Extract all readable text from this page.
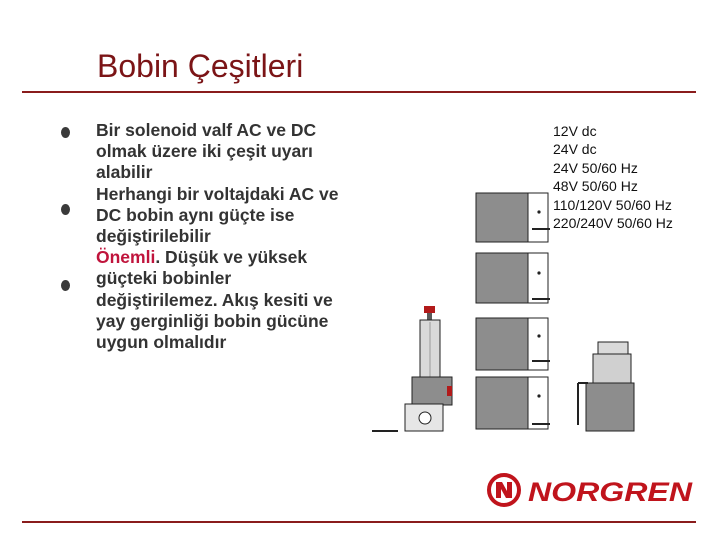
Bobin Çeşitleri

Bir solenoid valf AC ve DC olmak üzere iki çeşit uyarı alabilir

Herhangi bir voltajdaki AC ve DC bobin aynı güçte ise değiştirilebilir

Önemli. Düşük ve yüksek güçteki bobinler değiştirilemez. Akış kesiti ve yay gerginliği bobin gücüne uygun olmalıdır

12V dc
24V dc
24V 50/60 Hz
48V 50/60 Hz
110/120V 50/60 Hz
220/240V 50/60 Hz
NORGREN
